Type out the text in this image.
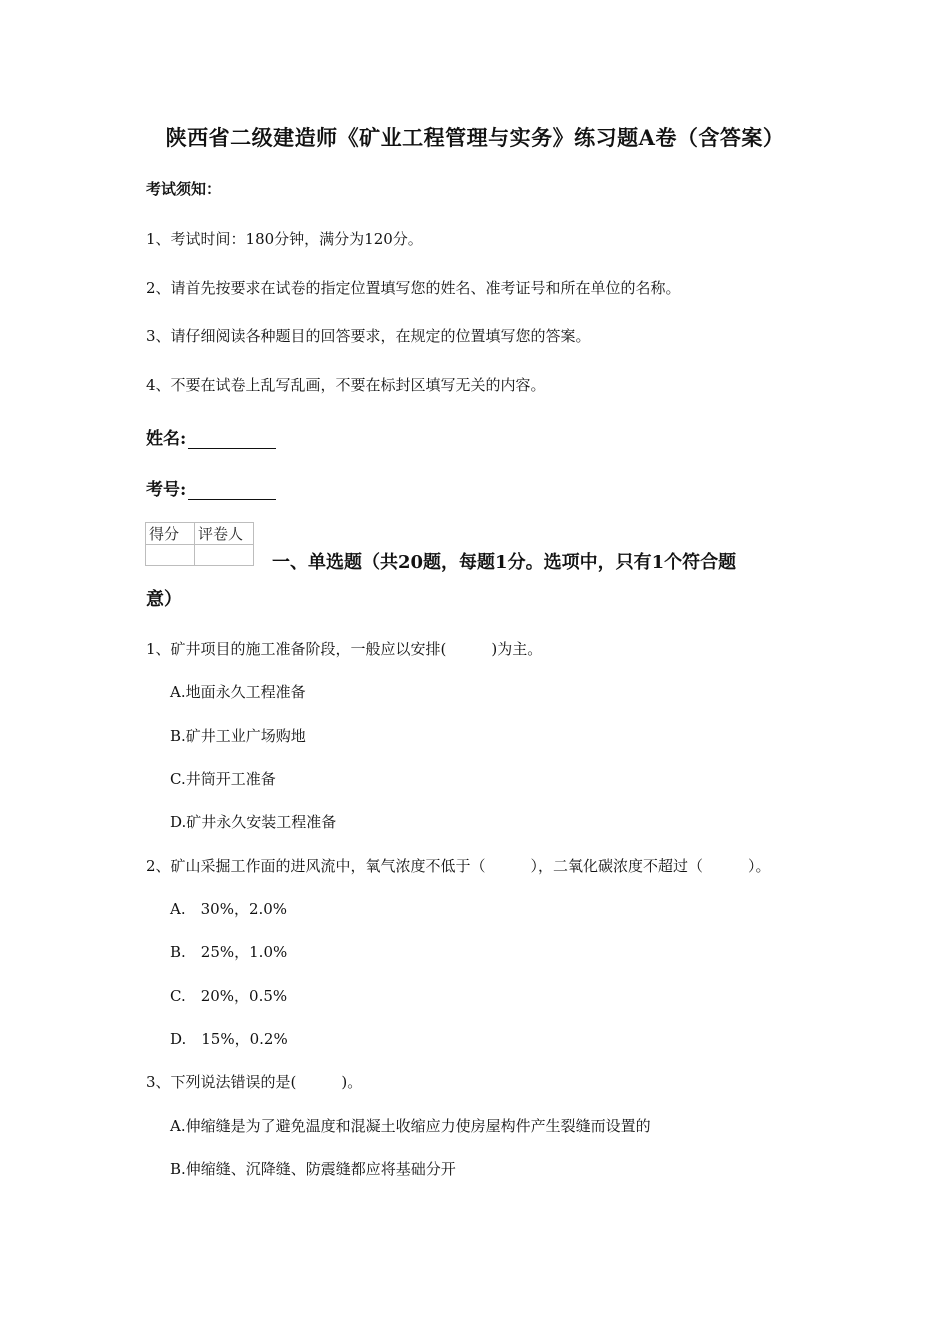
陕西省二级建造师《矿业工程管理与实务》练习题A卷（含答案）
考试须知：
1、考试时间：180分钟，满分为120分。
2、请首先按要求在试卷的指定位置填写您的姓名、准考证号和所在单位的名称。
3、请仔细阅读各种题目的回答要求，在规定的位置填写您的答案。
4、不要在试卷上乱写乱画，不要在标封区填写无关的内容。
姓名:
考号:
得分	评卷人

一、单选题（共20题，每题1分。选项中，只有1个符合题
意）
1、矿井项目的施工准备阶段，一般应以安排(　　　)为主。
A.地面永久工程准备
B.矿井工业广场购地
C.井筒开工准备
D.矿井永久安装工程准备
2、矿山采掘工作面的进风流中，氧气浓度不低于（　　　），二氧化碳浓度不超过（　　　）。
A.　30%，2.0%
B.　25%，1.0%
C.　20%，0.5%
D.　15%，0.2%
3、下列说法错误的是(　　　)。
A.伸缩缝是为了避免温度和混凝土收缩应力使房屋构件产生裂缝而设置的
B.伸缩缝、沉降缝、防震缝都应将基础分开
